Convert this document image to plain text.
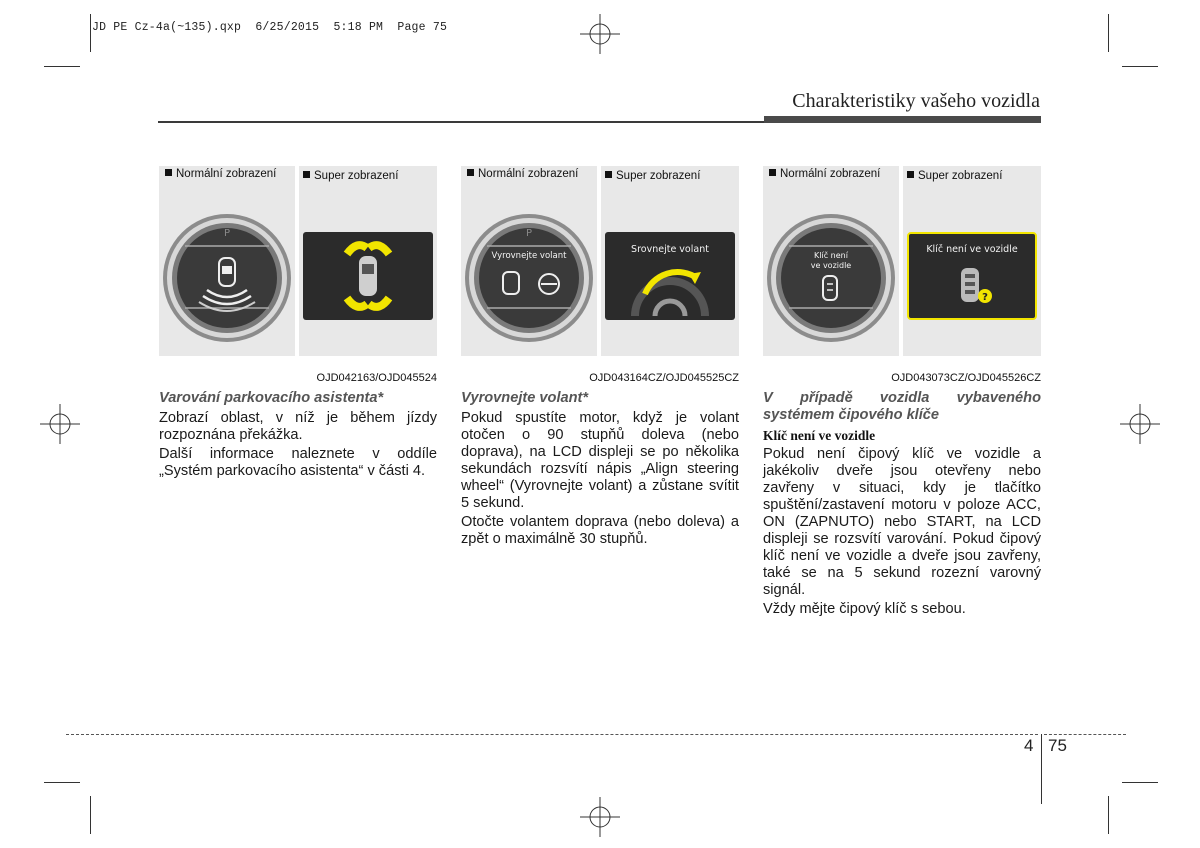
JD PE Cz-4a(~135).qxp  6/25/2015  5:18 PM  Page 75
Charakteristiky vašeho vozidla
Normální zobrazení
P
Super zobrazení
OJD042163/OJD045524
Normální zobrazení
P
Vyrovnejte volant
Super zobrazení
Srovnejte volant
OJD043164CZ/OJD045525CZ
Normální zobrazení
Klíč není
ve vozidle
Super zobrazení
Klíč není ve vozidle
?
OJD043073CZ/OJD045526CZ

Varování parkovacího asistenta*

Zobrazí oblast, v níž je během jízdy rozpoznána překážka.

Další informace naleznete v oddíle „Systém parkovacího asistenta“ v části 4.

Vyrovnejte volant*

Pokud spustíte motor, když je volant otočen o 90 stupňů doleva (nebo doprava), na LCD displeji se po několika sekundách rozsvítí nápis „Align steering wheel“ (Vyrovnejte volant) a zůstane svítit 5 sekund.

Otočte volantem doprava (nebo doleva) a zpět o maximálně 30 stupňů.

V případě vozidla vybaveného systémem čipového klíče

Klíč není ve vozidle

Pokud není čipový klíč ve vozidle a jakékoliv dveře jsou otevřeny nebo zavřeny v situaci, kdy je tlačítko spuštění/zastavení motoru v poloze ACC, ON (ZAPNUTO) nebo START, na LCD displeji se rozsvítí varování. Pokud čipový klíč není ve vozidle a dveře jsou zavřeny, také se na 5 sekund rozezní varovný signál.

Vždy mějte čipový klíč s sebou.

4 75
